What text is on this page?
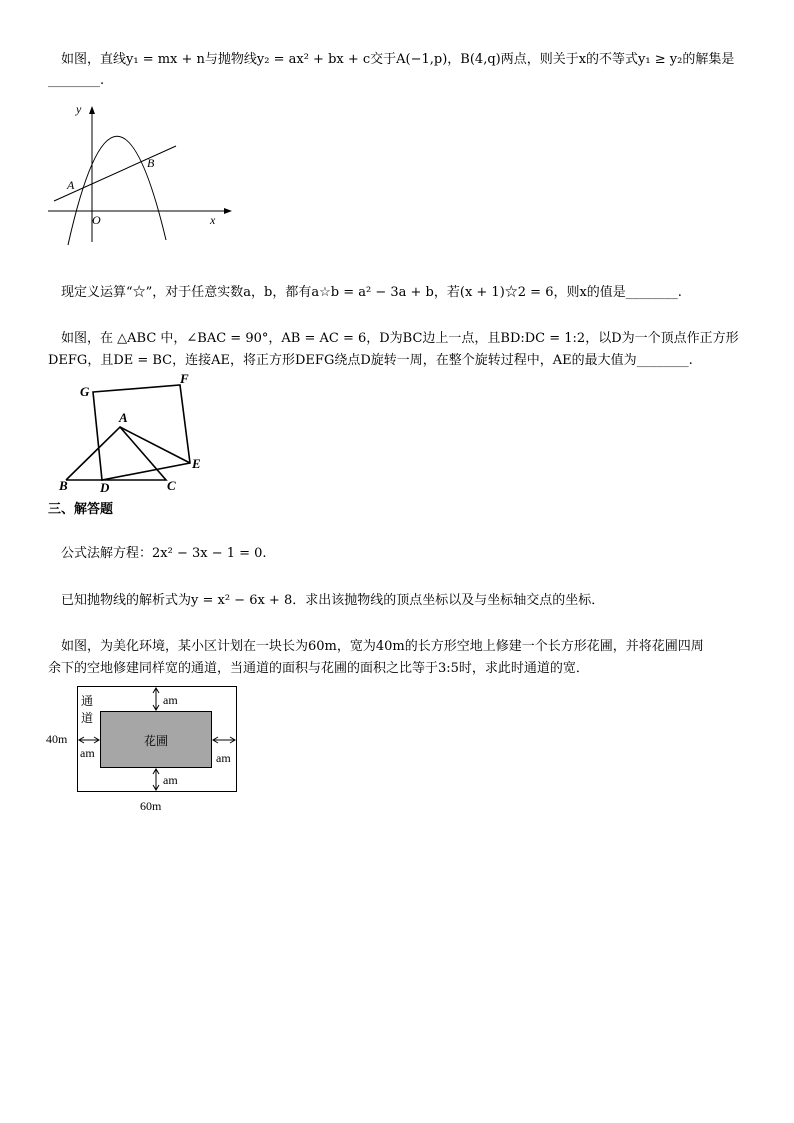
　如图，直线y₁ = mx + n与抛物线y₂ = ax² + bx + c交于A(−1,p)，B(4,q)两点，则关于x的不等式y₁ ≥ y₂的解集是
________.
y
x
O
A
B
　现定义运算“☆”，对于任意实数a，b，都有a☆b = a² − 3a + b，若(x + 1)☆2 = 6，则x的值是________.
　如图，在 △ABC 中，∠BAC = 90°，AB = AC = 6，D为BC边上一点，且BD:DC = 1:2，以D为一个顶点作正方形
DEFG，且DE = BC，连接AE，将正方形DEFG绕点D旋转一周，在整个旋转过程中，AE的最大值为________.
G
F
A
E
B D	C
三、解答题
　公式法解方程：2x² − 3x − 1 = 0.
　已知抛物线的解析式为y = x² − 6x + 8．求出该抛物线的顶点坐标以及与坐标轴交点的坐标．
　如图，为美化环境，某小区计划在一块长为60m，宽为40m的长方形空地上修建一个长方形花圃，并将花圃四周
余下的空地修建同样宽的通道，当通道的面积与花圃的面积之比等于3:5时，求此时通道的宽．
花圃
通
道
am
am	am
am
40m
60m
